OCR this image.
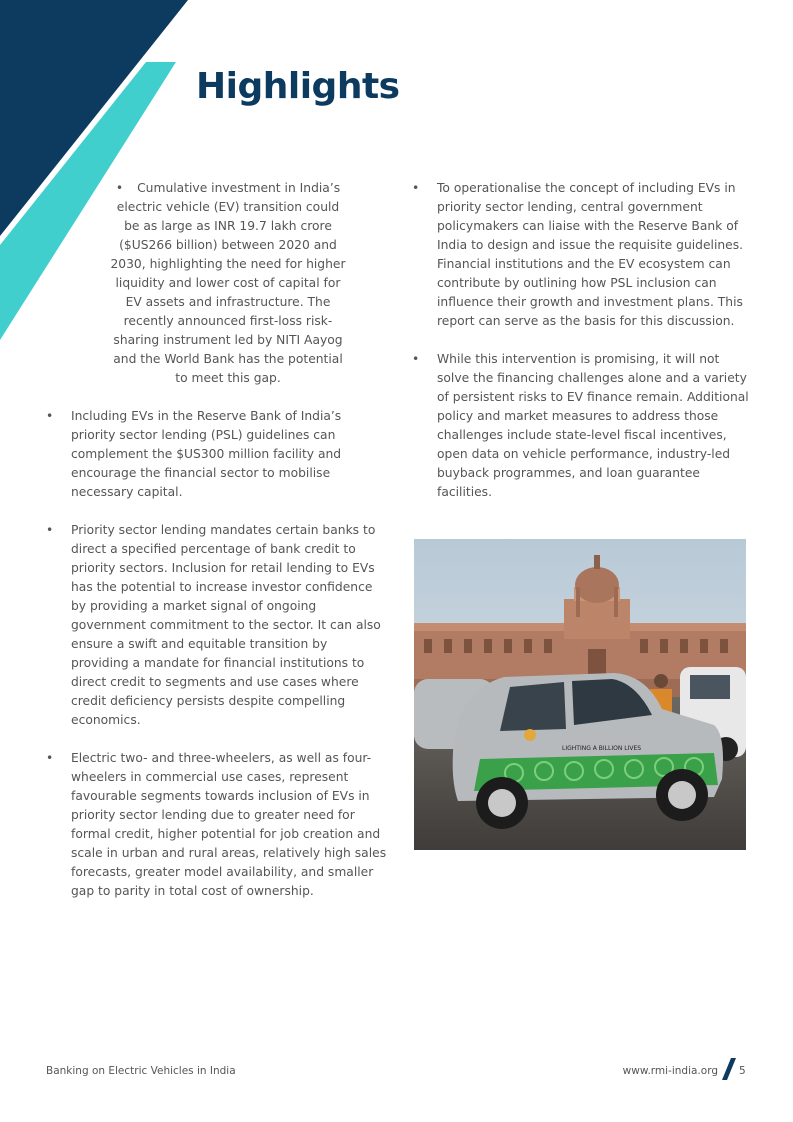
Highlights

• Cumulative investment in India’s electric vehicle (EV) transition could be as large as INR 19.7 lakh crore ($US266 billion) between 2020 and 2030, highlighting the need for higher liquidity and lower cost of capital for EV assets and infrastructure. The recently announced first-loss risk-sharing instrument led by NITI Aayog and the World Bank has the potential to meet this gap.

• Including EVs in the Reserve Bank of India’s priority sector lending (PSL) guidelines can complement the $US300 million facility and encourage the financial sector to mobilise necessary capital.

• Priority sector lending mandates certain banks to direct a specified percentage of bank credit to priority sectors. Inclusion for retail lending to EVs has the potential to increase investor confidence by providing a market signal of ongoing government commitment to the sector. It can also ensure a swift and equitable transition by providing a mandate for financial institutions to direct credit to segments and use cases where credit deficiency persists despite compelling economics.

• Electric two- and three-wheelers, as well as four-wheelers in commercial use cases, represent favourable segments towards inclusion of EVs in priority sector lending due to greater need for formal credit, higher potential for job creation and scale in urban and rural areas, relatively high sales forecasts, greater model availability, and smaller gap to parity in total cost of ownership.

• To operationalise the concept of including EVs in priority sector lending, central government policymakers can liaise with the Reserve Bank of India to design and issue the requisite guidelines. Financial institutions and the EV ecosystem can contribute by outlining how PSL inclusion can influence their growth and investment plans. This report can serve as the basis for this discussion.

• While this intervention is promising, it will not solve the financing challenges alone and a variety of persistent risks to EV finance remain. Additional policy and market measures to address those challenges include state-level fiscal incentives, open data on vehicle performance, industry-led buyback programmes, and loan guarantee facilities.

LIGHTING A BILLION LIVES
Banking on Electric Vehicles in India	www.rmi-india.org 5
